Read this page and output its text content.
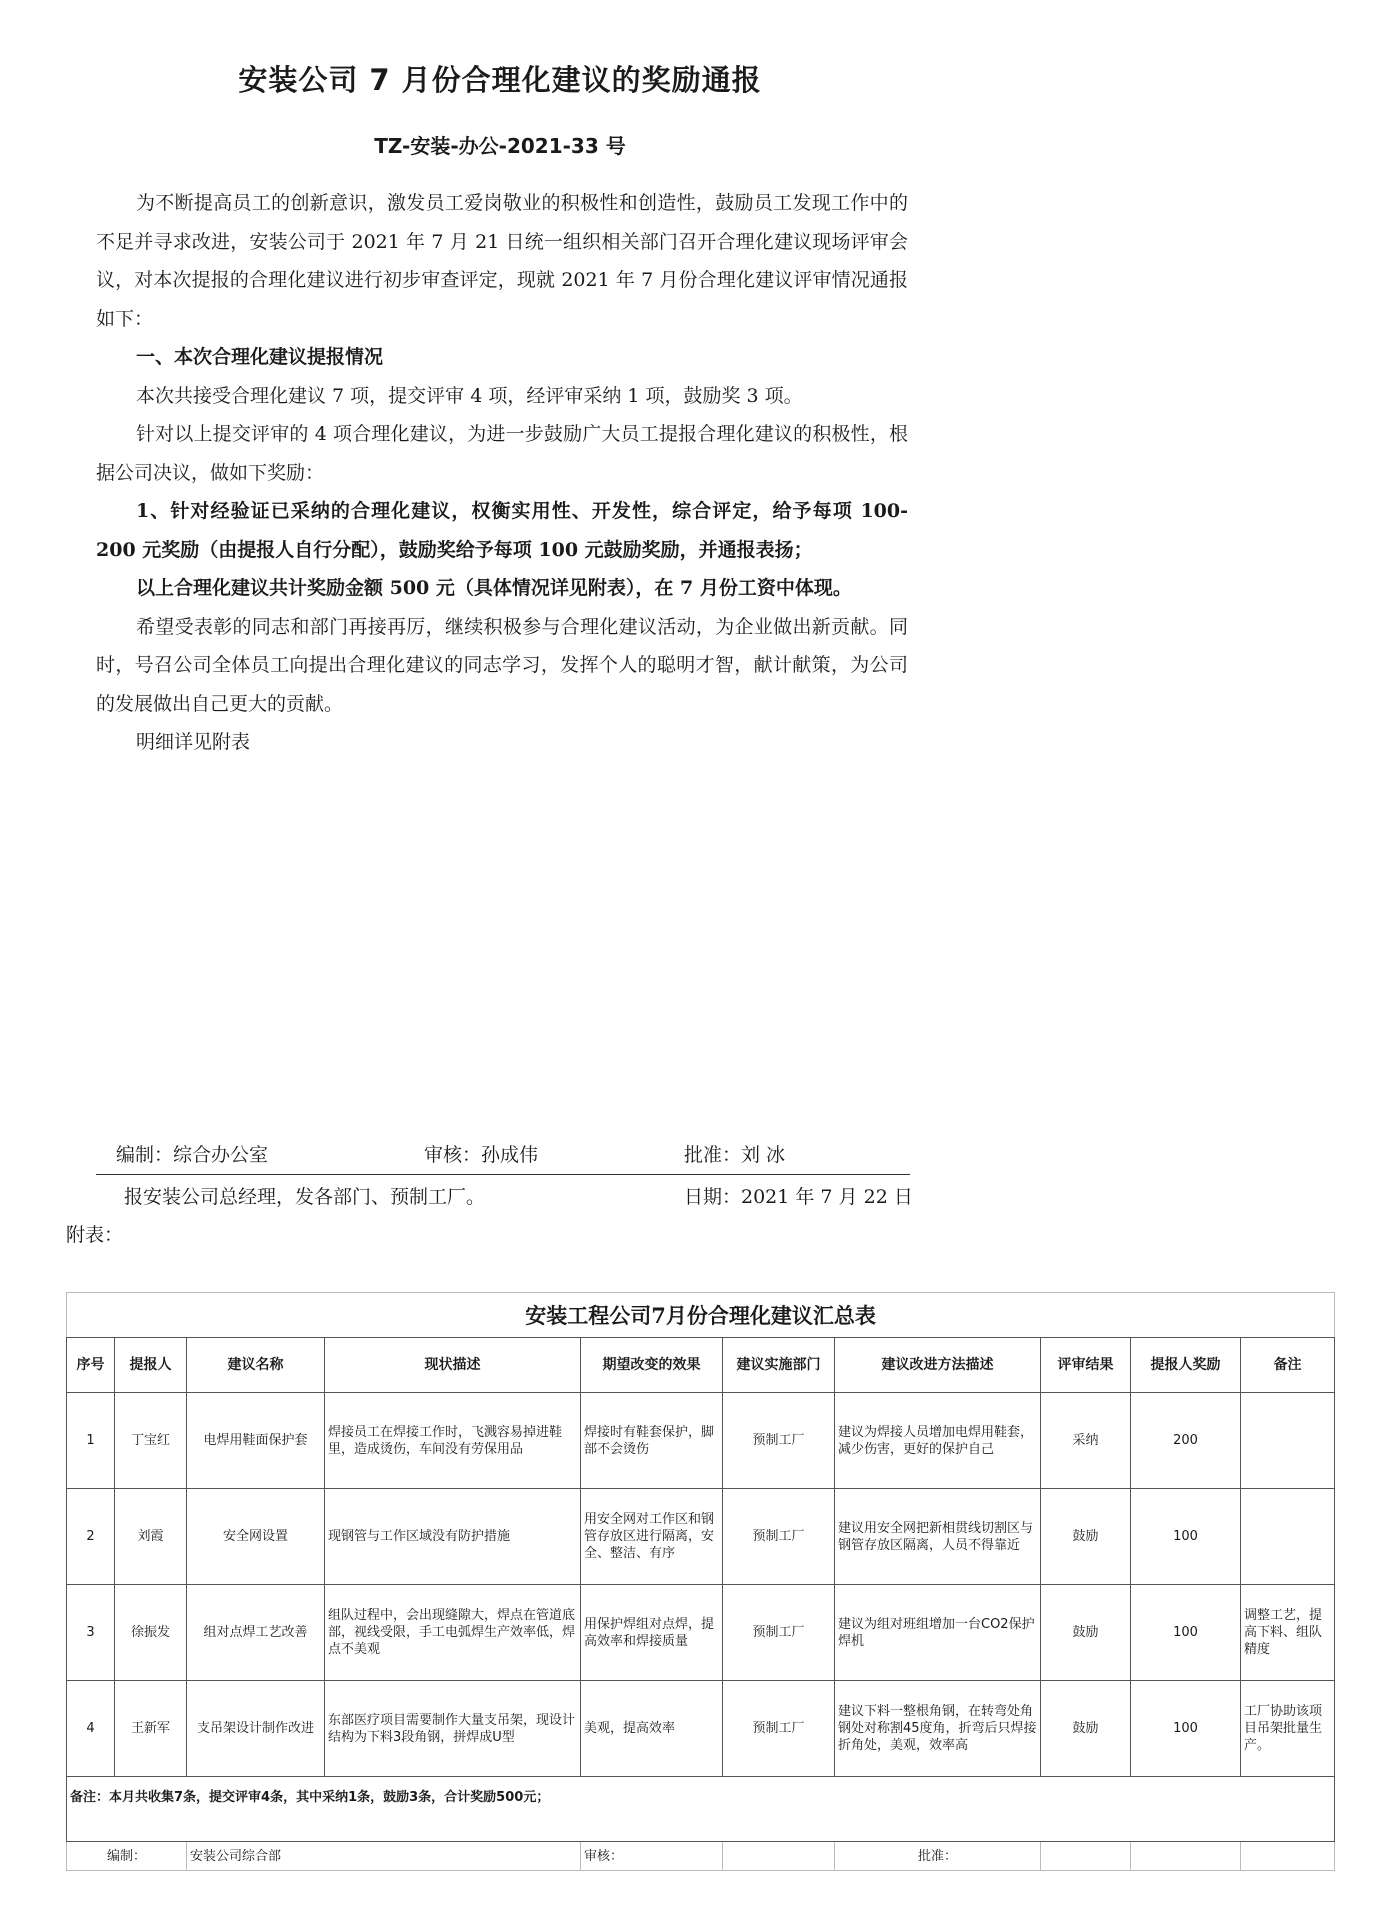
安装公司 7 月份合理化建议的奖励通报
TZ-安装-办公-2021-33 号

为不断提高员工的创新意识，激发员工爱岗敬业的积极性和创造性，鼓励员工发现工作中的不足并寻求改进，安装公司于 2021 年 7 月 21 日统一组织相关部门召开合理化建议现场评审会议，对本次提报的合理化建议进行初步审查评定，现就 2021 年 7 月份合理化建议评审情况通报如下：

一、本次合理化建议提报情况

本次共接受合理化建议 7 项，提交评审 4 项，经评审采纳 1 项，鼓励奖 3 项。

针对以上提交评审的 4 项合理化建议，为进一步鼓励广大员工提报合理化建议的积极性，根据公司决议，做如下奖励：

1、针对经验证已采纳的合理化建议，权衡实用性、开发性，综合评定，给予每项 100-200 元奖励（由提报人自行分配），鼓励奖给予每项 100 元鼓励奖励，并通报表扬；

以上合理化建议共计奖励金额 500 元（具体情况详见附表），在 7 月份工资中体现。

希望受表彰的同志和部门再接再厉，继续积极参与合理化建议活动，为企业做出新贡献。同时，号召公司全体员工向提出合理化建议的同志学习，发挥个人的聪明才智，献计献策，为公司的发展做出自己更大的贡献。

明细详见附表

编制：综合办公室	审核：孙成伟	批准：刘 冰
报安装公司总经理，发各部门、预制工厂。	日期：2021 年 7 月 22 日
附表：
安装工程公司7月份合理化建议汇总表									
序号	提报人	建议名称	现状描述	期望改变的效果	建议实施部门	建议改进方法描述	评审结果	提报人奖励	备注
1	丁宝红	电焊用鞋面保护套	焊接员工在焊接工作时，飞溅容易掉进鞋里，造成烫伤，车间没有劳保用品	焊接时有鞋套保护，脚部不会烫伤	预制工厂	建议为焊接人员增加电焊用鞋套，减少伤害，更好的保护自己	采纳	200	
2	刘霞	安全网设置	现钢管与工作区域没有防护措施	用安全网对工作区和钢管存放区进行隔离，安全、整洁、有序	预制工厂	建议用安全网把新相贯线切割区与钢管存放区隔离，人员不得靠近	鼓励	100	
3	徐振发	组对点焊工艺改善	组队过程中，会出现缝隙大，焊点在管道底部，视线受限，手工电弧焊生产效率低，焊点不美观	用保护焊组对点焊，提高效率和焊接质量	预制工厂	建议为组对班组增加一台CO2保护焊机	鼓励	100	调整工艺，提高下料、组队精度
4	王新军	支吊架设计制作改进	东部医疗项目需要制作大量支吊架，现设计结构为下料3段角钢，拼焊成U型	美观，提高效率	预制工厂	建议下料一整根角钢，在转弯处角钢处对称割45度角，折弯后只焊接折角处，美观，效率高	鼓励	100	工厂协助该项目吊架批量生产。
备注：本月共收集7条，提交评审4条，其中采纳1条，鼓励3条，合计奖励500元；									
编制：		安装公司综合部		审核：		批准：			
